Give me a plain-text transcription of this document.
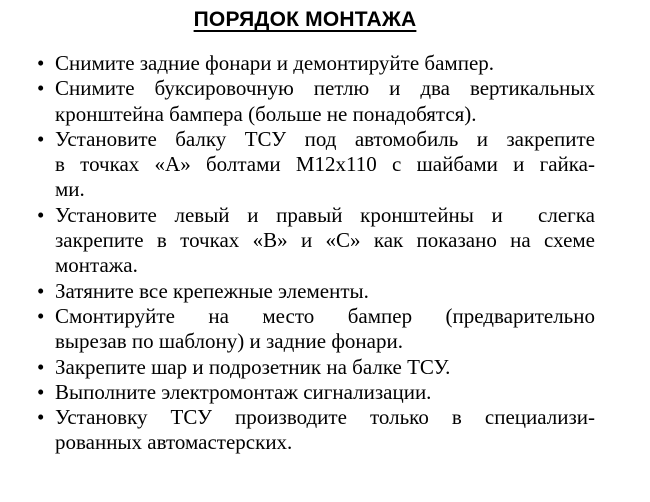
ПОРЯДОК МОНТАЖА
• Снимите задние фонари и демонтируйте бампер.
• Снимите буксировочную петлю и два вертикальных
кронштейна бампера (больше не понадобятся).
• Установите балку ТСУ под автомобиль и закрепите
в точках «А» болтами М12х110 с шайбами и гайка-
ми.
• Установите левый и правый кронштейны и  слегка
закрепите в точках «В» и «С» как показано на схеме
монтажа.
• Затяните все крепежные элементы.
• Смонтируйте на место бампер (предварительно
вырезав по шаблону) и задние фонари.
• Закрепите шар и подрозетник на балке ТСУ.
• Выполните электромонтаж сигнализации.
• Установку ТСУ производите только в специализи-
рованных автомастерских.
